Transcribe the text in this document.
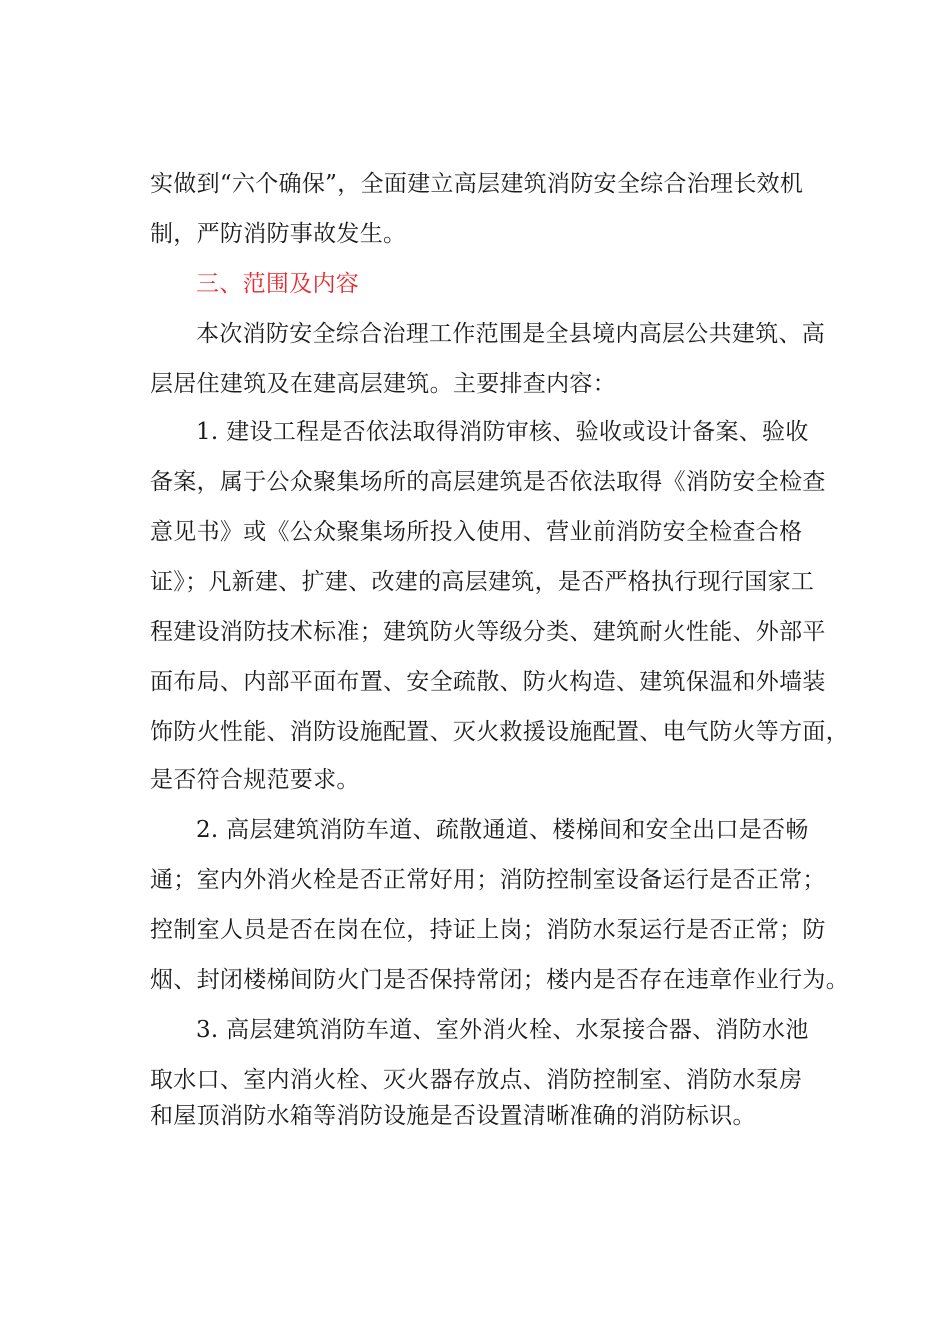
实做到“六个确保”，全面建立高层建筑消防安全综合治理长效机
制，严防消防事故发生。
三、范围及内容
本次消防安全综合治理工作范围是全县境内高层公共建筑、高
层居住建筑及在建高层建筑。主要排查内容：
1. 建设工程是否依法取得消防审核、验收或设计备案、验收
备案，属于公众聚集场所的高层建筑是否依法取得《消防安全检查
意见书》或《公众聚集场所投入使用、营业前消防安全检查合格
证》；凡新建、扩建、改建的高层建筑，是否严格执行现行国家工
程建设消防技术标准；建筑防火等级分类、建筑耐火性能、外部平
面布局、内部平面布置、安全疏散、防火构造、建筑保温和外墙装
饰防火性能、消防设施配置、灭火救援设施配置、电气防火等方面，
是否符合规范要求。
2. 高层建筑消防车道、疏散通道、楼梯间和安全出口是否畅
通；室内外消火栓是否正常好用；消防控制室设备运行是否正常；
控制室人员是否在岗在位，持证上岗；消防水泵运行是否正常；防
烟、封闭楼梯间防火门是否保持常闭；楼内是否存在违章作业行为。
3. 高层建筑消防车道、室外消火栓、水泵接合器、消防水池
取水口、室内消火栓、灭火器存放点、消防控制室、消防水泵房
和屋顶消防水箱等消防设施是否设置清晰准确的消防标识。
